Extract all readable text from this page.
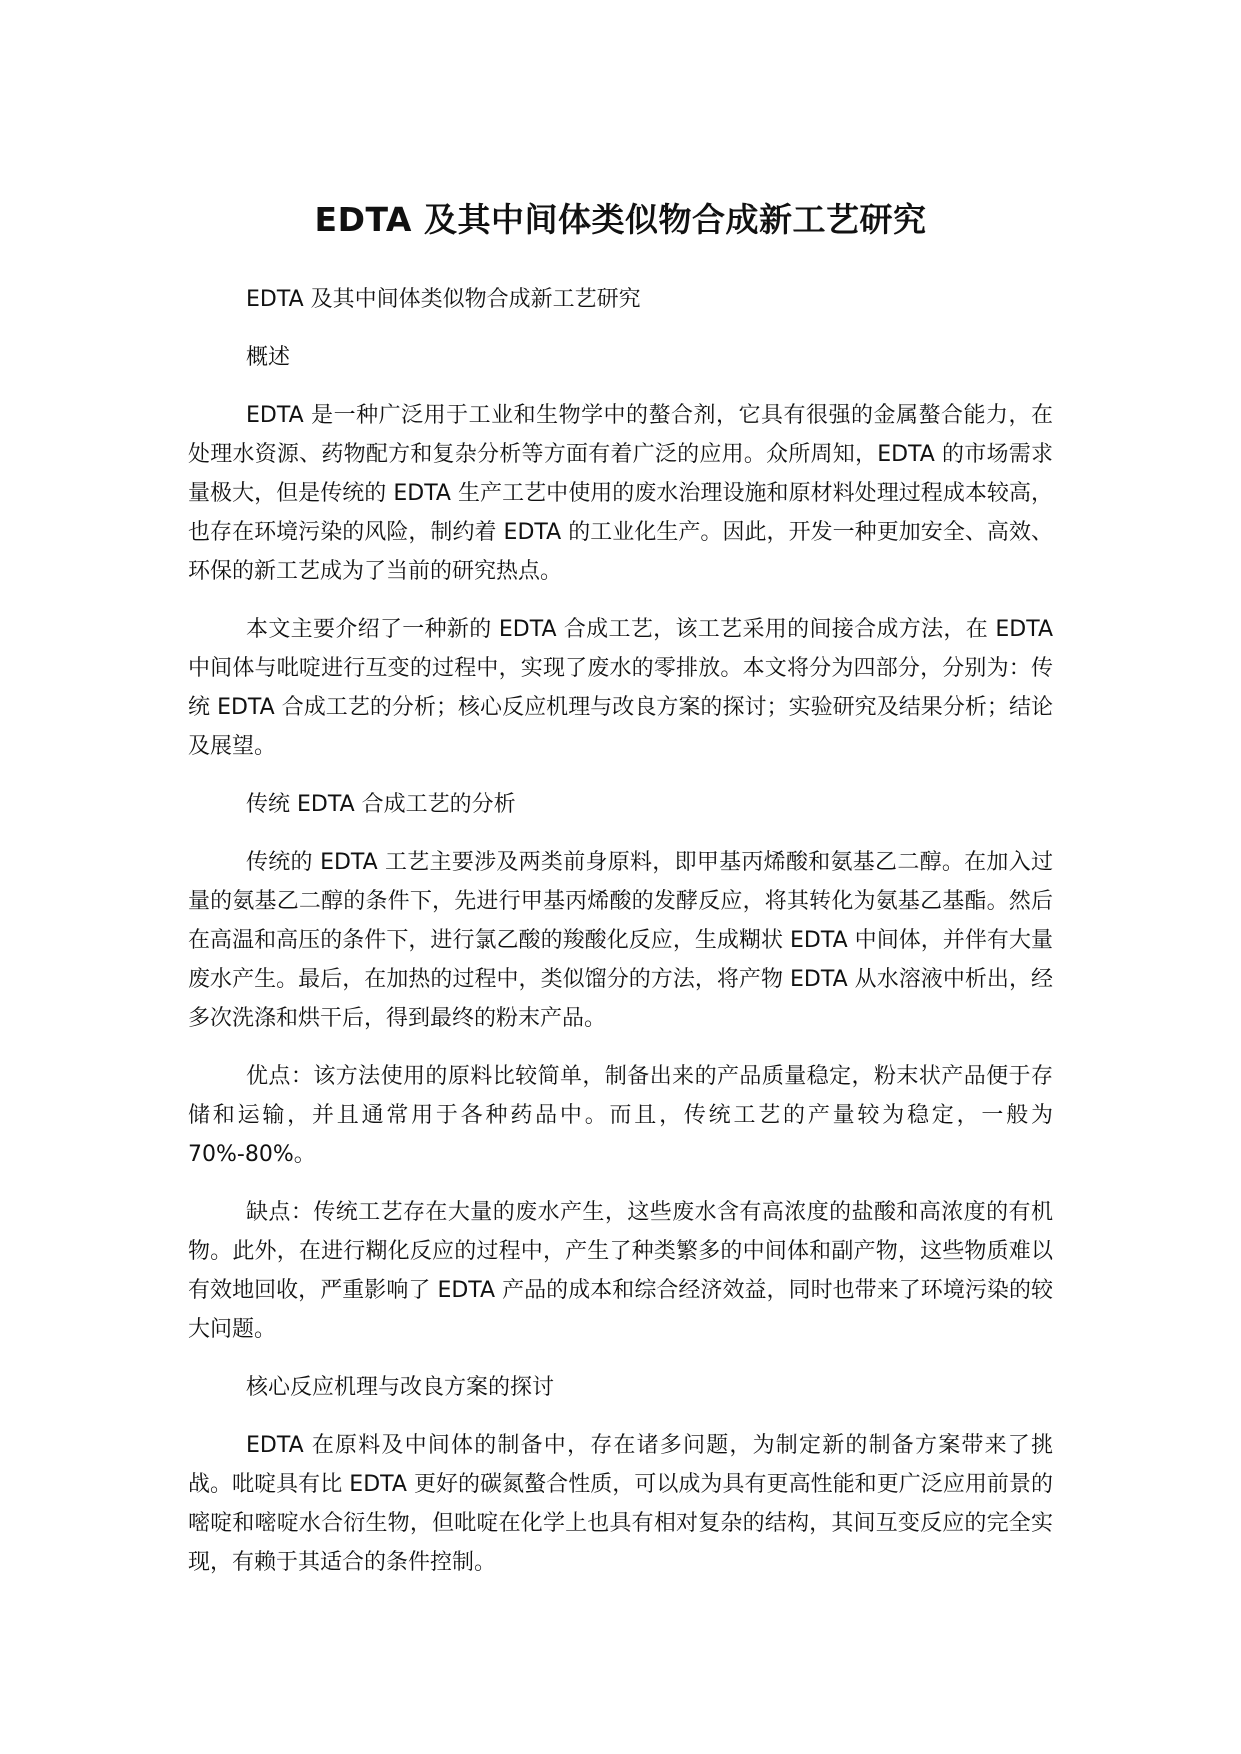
EDTA 及其中间体类似物合成新工艺研究

EDTA 及其中间体类似物合成新工艺研究

概述

EDTA 是一种广泛用于工业和生物学中的螯合剂，它具有很强的金属螯合能力，在处理水资源、药物配方和复杂分析等方面有着广泛的应用。众所周知，EDTA 的市场需求量极大，但是传统的 EDTA 生产工艺中使用的废水治理设施和原材料处理过程成本较高，也存在环境污染的风险，制约着 EDTA 的工业化生产。因此，开发一种更加安全、高效、环保的新工艺成为了当前的研究热点。

本文主要介绍了一种新的 EDTA 合成工艺，该工艺采用的间接合成方法，在 EDTA 中间体与吡啶进行互变的过程中，实现了废水的零排放。本文将分为四部分，分别为：传统 EDTA 合成工艺的分析；核心反应机理与改良方案的探讨；实验研究及结果分析；结论及展望。

传统 EDTA 合成工艺的分析

传统的 EDTA 工艺主要涉及两类前身原料，即甲基丙烯酸和氨基乙二醇。在加入过量的氨基乙二醇的条件下，先进行甲基丙烯酸的发酵反应，将其转化为氨基乙基酯。然后在高温和高压的条件下，进行氯乙酸的羧酸化反应，生成糊状 EDTA 中间体，并伴有大量废水产生。最后，在加热的过程中，类似馏分的方法，将产物 EDTA 从水溶液中析出，经多次洗涤和烘干后，得到最终的粉末产品。

优点：该方法使用的原料比较简单，制备出来的产品质量稳定，粉末状产品便于存储和运输，并且通常用于各种药品中。而且，传统工艺的产量较为稳定，一般为 70%-80%。

缺点：传统工艺存在大量的废水产生，这些废水含有高浓度的盐酸和高浓度的有机物。此外，在进行糊化反应的过程中，产生了种类繁多的中间体和副产物，这些物质难以有效地回收，严重影响了 EDTA 产品的成本和综合经济效益，同时也带来了环境污染的较大问题。

核心反应机理与改良方案的探讨

EDTA 在原料及中间体的制备中，存在诸多问题，为制定新的制备方案带来了挑战。吡啶具有比 EDTA 更好的碳氮螯合性质，可以成为具有更高性能和更广泛应用前景的嘧啶和嘧啶水合衍生物，但吡啶在化学上也具有相对复杂的结构，其间互变反应的完全实现，有赖于其适合的条件控制。
